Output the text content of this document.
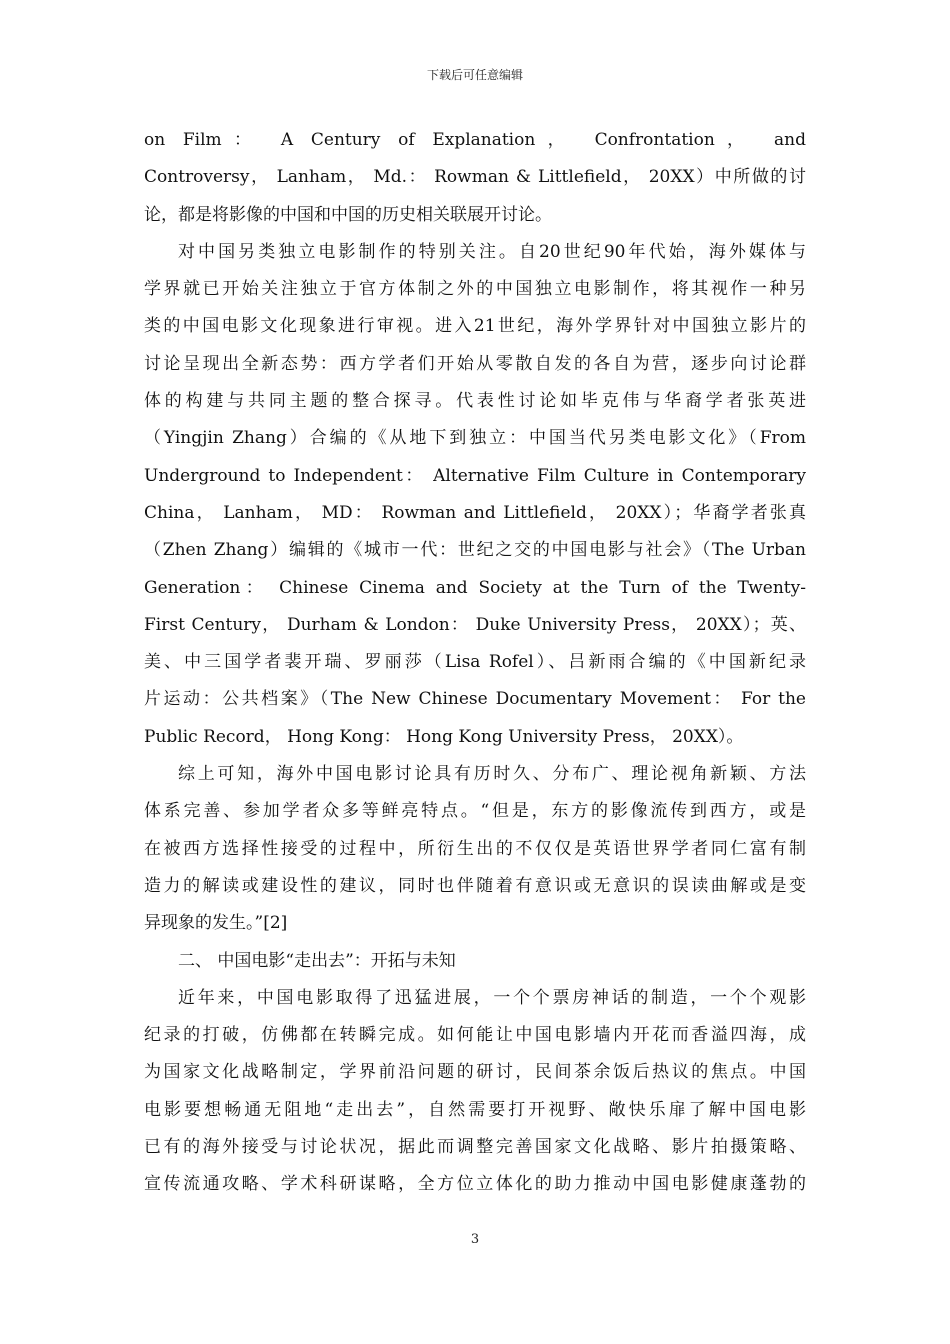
下载后可任意编辑
on Film： A Century of Explanation， Confrontation， and
Controversy， Lanham， Md.： Rowman & Littlefield， 20XX）中所做的讨
论，都是将影像的中国和中国的历史相关联展开讨论。
对中国另类独立电影制作的特别关注。自20世纪90年代始，海外媒体与
学界就已开始关注独立于官方体制之外的中国独立电影制作，将其视作一种另
类的中国电影文化现象进行审视。进入21世纪，海外学界针对中国独立影片的
讨论呈现出全新态势：西方学者们开始从零散自发的各自为营，逐步向讨论群
体的构建与共同主题的整合探寻。代表性讨论如毕克伟与华裔学者张英进
（Yingjin Zhang）合编的《从地下到独立：中国当代另类电影文化》（From
Underground to Independent： Alternative Film Culture in Contemporary
China， Lanham， MD： Rowman and Littlefield， 20XX）；华裔学者张真
（Zhen Zhang）编辑的《城市一代：世纪之交的中国电影与社会》（The Urban
Generation： Chinese Cinema and Society at the Turn of the Twenty-
First Century， Durham & London： Duke University Press， 20XX）；英、
美、中三国学者裴开瑞、罗丽莎（Lisa Rofel）、吕新雨合编的《中国新纪录
片运动：公共档案》（The New Chinese Documentary Movement： For the
Public Record， Hong Kong： Hong Kong University Press， 20XX）。
综上可知，海外中国电影讨论具有历时久、分布广、理论视角新颖、方法
体系完善、参加学者众多等鲜亮特点。“但是，东方的影像流传到西方，或是
在被西方选择性接受的过程中，所衍生出的不仅仅是英语世界学者同仁富有制
造力的解读或建设性的建议，同时也伴随着有意识或无意识的误读曲解或是变
异现象的发生。”[2]
二、 中国电影“走出去”：开拓与未知
近年来，中国电影取得了迅猛进展，一个个票房神话的制造，一个个观影
纪录的打破，仿佛都在转瞬完成。如何能让中国电影墙内开花而香溢四海，成
为国家文化战略制定，学界前沿问题的研讨，民间茶余饭后热议的焦点。中国
电影要想畅通无阻地“走出去”，自然需要打开视野、敞快乐扉了解中国电影
已有的海外接受与讨论状况，据此而调整完善国家文化战略、影片拍摄策略、
宣传流通攻略、学术科研谋略，全方位立体化的助力推动中国电影健康蓬勃的
3
